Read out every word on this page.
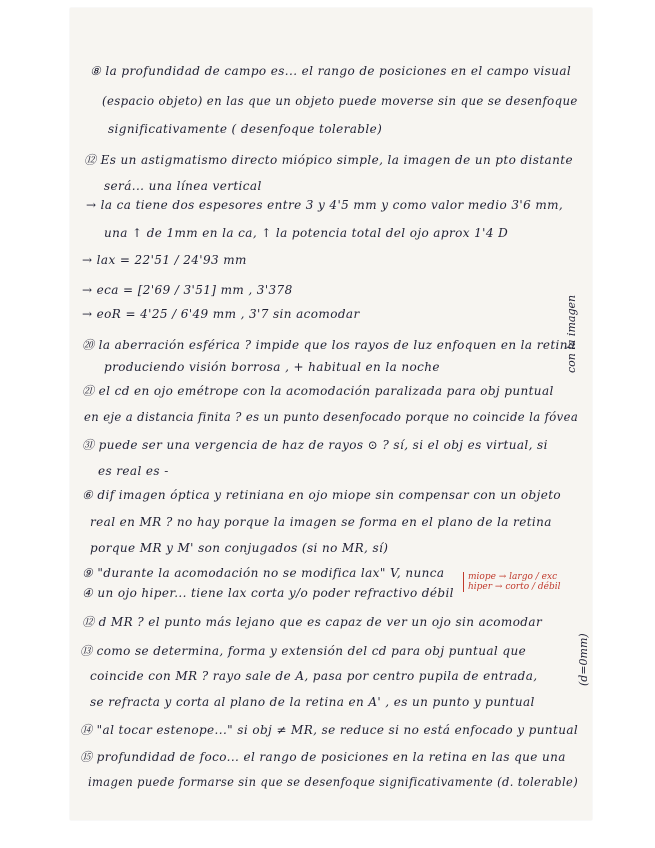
⑧ la profundidad de campo es... el rango de posiciones en el campo visual
(espacio objeto) en las que un objeto puede moverse sin que se desenfoque
significativamente ( desenfoque tolerable)
⑫ Es un astigmatismo directo miópico simple, la imagen de un pto distante
será... una línea vertical
→ la ca tiene dos espesores entre 3 y 4'5 mm y como valor medio 3'6 mm,
una ↑ de 1mm en la ca, ↑ la potencia total del ojo aprox 1'4 D
→ lax = 22'51 / 24'93 mm
→ eca = [2'69 / 3'51] mm , 3'378
→ eoR = 4'25 / 6'49 mm , 3'7 sin acomodar
⑳ la aberración esférica ? impide que los rayos de luz enfoquen en la retina
produciendo visión borrosa , + habitual en la noche
㉑ el cd en ojo emétrope con la acomodación paralizada para obj puntual
en eje a distancia finita ? es un punto desenfocado porque no coincide la fóvea
㉛ puede ser una vergencia de haz de rayos ⊙ ? sí, si el obj es virtual, si
es real es -
⑥ dif imagen óptica y retiniana en ojo miope sin compensar con un objeto
real en MR ? no hay porque la imagen se forma en el plano de la retina
porque MR y M' son conjugados (si no MR, sí)
⑨ "durante la acomodación no se modifica lax" V, nunca
④ un ojo hiper... tiene lax corta y/o poder refractivo débil
⑫ d MR ? el punto más lejano que es capaz de ver un ojo sin acomodar
⑬ como se determina, forma y extensión del cd para obj puntual que
coincide con MR ? rayo sale de A, pasa por centro pupila de entrada,
se refracta y corta al plano de la retina en A' , es un punto y puntual
⑭ "al tocar estenope..." si obj ≠ MR, se reduce si no está enfocado y puntual
⑮ profundidad de foco... el rango de posiciones en la retina en las que una
imagen puede formarse sin que se desenfoque significativamente (d. tolerable)
miope → largo / exc
hiper → corto / débil
con la imagen
(d=0mm)
